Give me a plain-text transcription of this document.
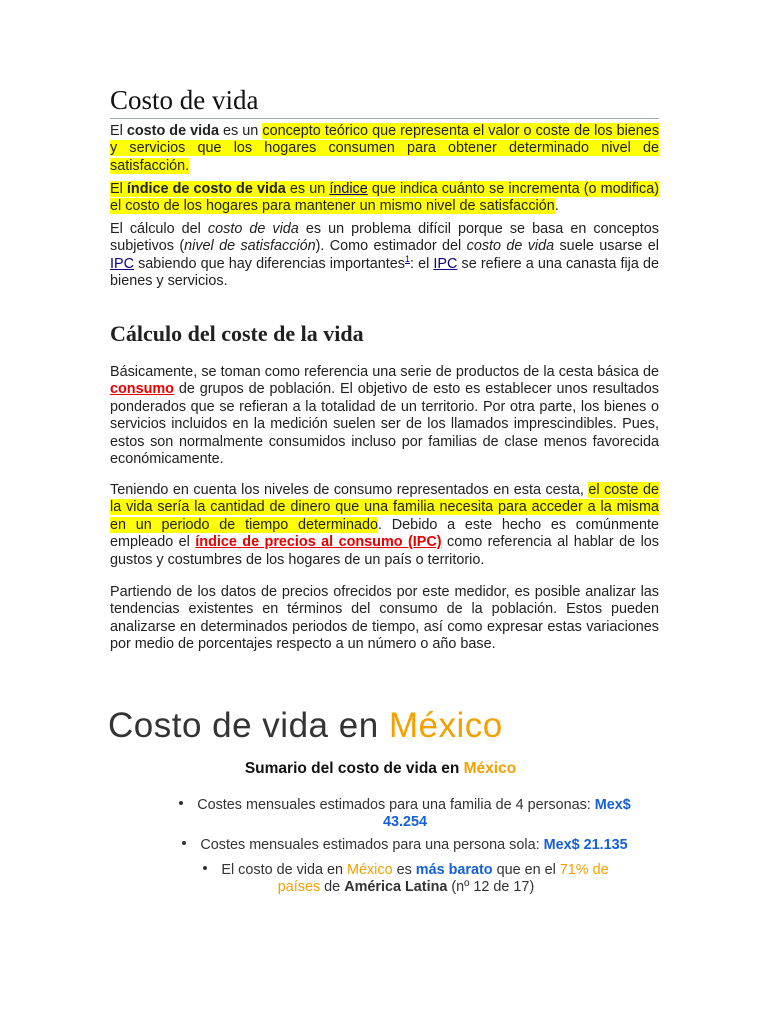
Costo de vida

El costo de vida es un concepto teórico que representa el valor o coste de los bienes y servicios que los hogares consumen para obtener determinado nivel de satisfacción.

El índice de costo de vida es un índice que indica cuánto se incrementa (o modifica) el costo de los hogares para mantener un mismo nivel de satisfacción.

El cálculo del costo de vida es un problema difícil porque se basa en conceptos subjetivos (nivel de satisfacción). Como estimador del costo de vida suele usarse el IPC sabiendo que hay diferencias importantes$^1$: el IPC se refiere a una canasta fija de bienes y servicios.

Cálculo del coste de la vida

Básicamente, se toman como referencia una serie de productos de la cesta básica de consumo de grupos de población. El objetivo de esto es establecer unos resultados ponderados que se refieran a la totalidad de un territorio. Por otra parte, los bienes o servicios incluidos en la medición suelen ser de los llamados imprescindibles. Pues, estos son normalmente consumidos incluso por familias de clase menos favorecida económicamente.

Teniendo en cuenta los niveles de consumo representados en esta cesta, el coste de la vida sería la cantidad de dinero que una familia necesita para acceder a la misma en un periodo de tiempo determinado. Debido a este hecho es comúnmente empleado el índice de precios al consumo (IPC) como referencia al hablar de los gustos y costumbres de los hogares de un país o territorio.

Partiendo de los datos de precios ofrecidos por este medidor, es posible analizar las tendencias existentes en términos del consumo de la población. Estos pueden analizarse en determinados periodos de tiempo, así como expresar estas variaciones por medio de porcentajes respecto a un número o año base.

Costo de vida en México

Sumario del costo de vida en México

Costes mensuales estimados para una familia de 4 personas: Mex$
43.254
Costes mensuales estimados para una persona sola: Mex$ 21.135
El costo de vida en México es más barato que en el 71% de
países de América Latina (nº 12 de 17)
